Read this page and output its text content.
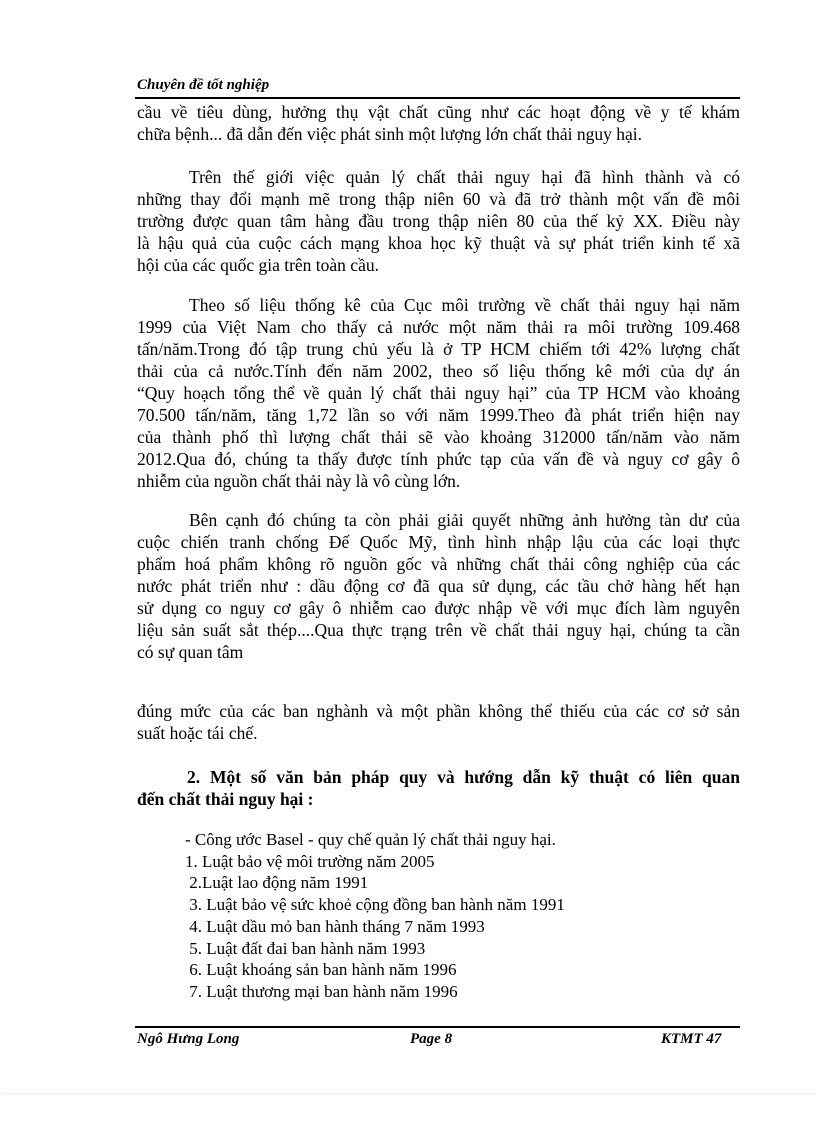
Chuyên đề tốt nghiệp
cầu về tiêu dùng, hưởng thụ vật chất cũng như các hoạt động về y tế khám
chữa bệnh... đã dẫn đến việc phát sinh một lượng lớn chất thải nguy hại.
Trên thế giới việc quản lý chất thải nguy hại đã hình thành và có
những thay đổi mạnh mẽ trong thập niên 60 và đã trở thành một vấn đề môi
trường được quan tâm hàng đầu trong thập niên 80 của thế kỷ XX. Điều này
là hậu quả của cuộc cách mạng khoa học kỹ thuật và sự phát triển kinh tế xã
hội của các quốc gia trên toàn cầu.
Theo số liệu thống kê của Cục môi trường về chất thải nguy hại năm
1999 của Việt Nam cho thấy cả nước một năm thải ra môi trường 109.468
tấn/năm.Trong đó tập trung chủ yếu là ở TP HCM chiếm tới 42% lượng chất
thải của cả nước.Tính đến năm 2002, theo số liệu thống kê mới của dự án
“Quy hoạch tổng thể về quản lý chất thải nguy hại” của TP HCM vào khoảng
70.500 tấn/năm, tăng 1,72 lần so với năm 1999.Theo đà phát triển hiện nay
của thành phố thì lượng chất thải sẽ vào khoảng 312000 tấn/năm vào năm
2012.Qua đó, chúng ta thấy được tính phức tạp của vấn đề và nguy cơ gây ô
nhiễm của nguồn chất thải này là vô cùng lớn.
Bên cạnh đó chúng ta còn phải giải quyết những ảnh hưởng tàn dư của
cuộc chiến tranh chống Đế Quốc Mỹ, tình hình nhập lậu của các loại thực
phẩm hoá phẩm không rõ nguồn gốc và những chất thải công nghiệp của các
nước phát triển như : dầu động cơ đã qua sử dụng, các tầu chở hàng hết hạn
sử dụng co nguy cơ gây ô nhiễm cao được nhập về với mục đích làm nguyên
liệu sản suất sắt thép....Qua thực trạng trên về chất thải nguy hại, chúng ta cần
có sự quan tâm
đúng mức của các ban nghành và một phần không thể thiếu của các cơ sở sản
suất hoặc tái chế.
2. Một số văn bản pháp quy và hướng dẫn kỹ thuật có liên quan
đến chất thải nguy hại :
- Công ước Basel - quy chế quản lý chất thải nguy hại.
1. Luật bảo vệ môi trường năm 2005
2.Luật lao động năm 1991
3. Luật bảo vệ sức khoẻ cộng đồng ban hành năm 1991
4. Luật dầu mỏ ban hành tháng 7 năm 1993
5. Luật đất đai ban hành năm 1993
6. Luật khoáng sản ban hành năm 1996
7. Luật thương mại ban hành năm 1996
Ngô Hưng Long	Page 8	KTMT 47
